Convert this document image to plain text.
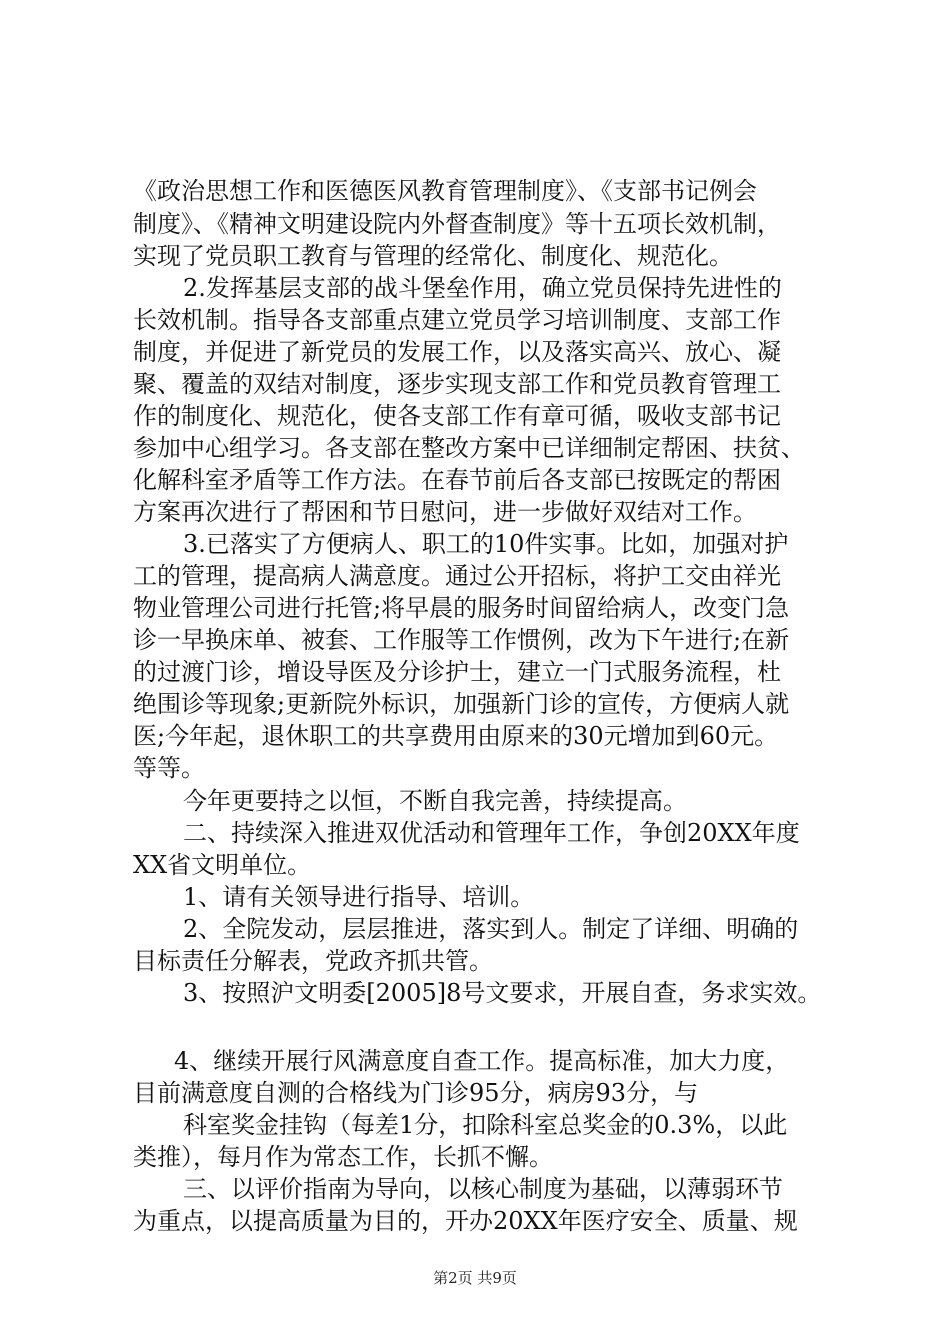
《政治思想工作和医德医风教育管理制度》、《支部书记例会
制度》、《精神文明建设院内外督查制度》等十五项长效机制，
实现了党员职工教育与管理的经常化、制度化、规范化。
2.发挥基层支部的战斗堡垒作用，确立党员保持先进性的
长效机制。指导各支部重点建立党员学习培训制度、支部工作
制度，并促进了新党员的发展工作，以及落实高兴、放心、凝
聚、覆盖的双结对制度，逐步实现支部工作和党员教育管理工
作的制度化、规范化，使各支部工作有章可循，吸收支部书记
参加中心组学习。各支部在整改方案中已详细制定帮困、扶贫、
化解科室矛盾等工作方法。在春节前后各支部已按既定的帮困
方案再次进行了帮困和节日慰问，进一步做好双结对工作。
3.已落实了方便病人、职工的10件实事。比如，加强对护
工的管理，提高病人满意度。通过公开招标，将护工交由祥光
物业管理公司进行托管;将早晨的服务时间留给病人，改变门急
诊一早换床单、被套、工作服等工作惯例，改为下午进行;在新
的过渡门诊，增设导医及分诊护士，建立一门式服务流程，杜
绝围诊等现象;更新院外标识，加强新门诊的宣传，方便病人就
医;今年起，退休职工的共享费用由原来的30元增加到60元。
等等。
今年更要持之以恒，不断自我完善，持续提高。
二、持续深入推进双优活动和管理年工作，争创20XX年度
XX省文明单位。
1、请有关领导进行指导、培训。
2、全院发动，层层推进，落实到人。制定了详细、明确的
目标责任分解表，党政齐抓共管。
3、按照沪文明委[2005]8号文要求，开展自查，务求实效。
4、继续开展行风满意度自查工作。提高标准，加大力度，
目前满意度自测的合格线为门诊95分，病房93分，与
科室奖金挂钩（每差1分，扣除科室总奖金的0.3%，以此
类推），每月作为常态工作，长抓不懈。
三、以评价指南为导向，以核心制度为基础，以薄弱环节
为重点，以提高质量为目的，开办20XX年医疗安全、质量、规
第2页 共9页
